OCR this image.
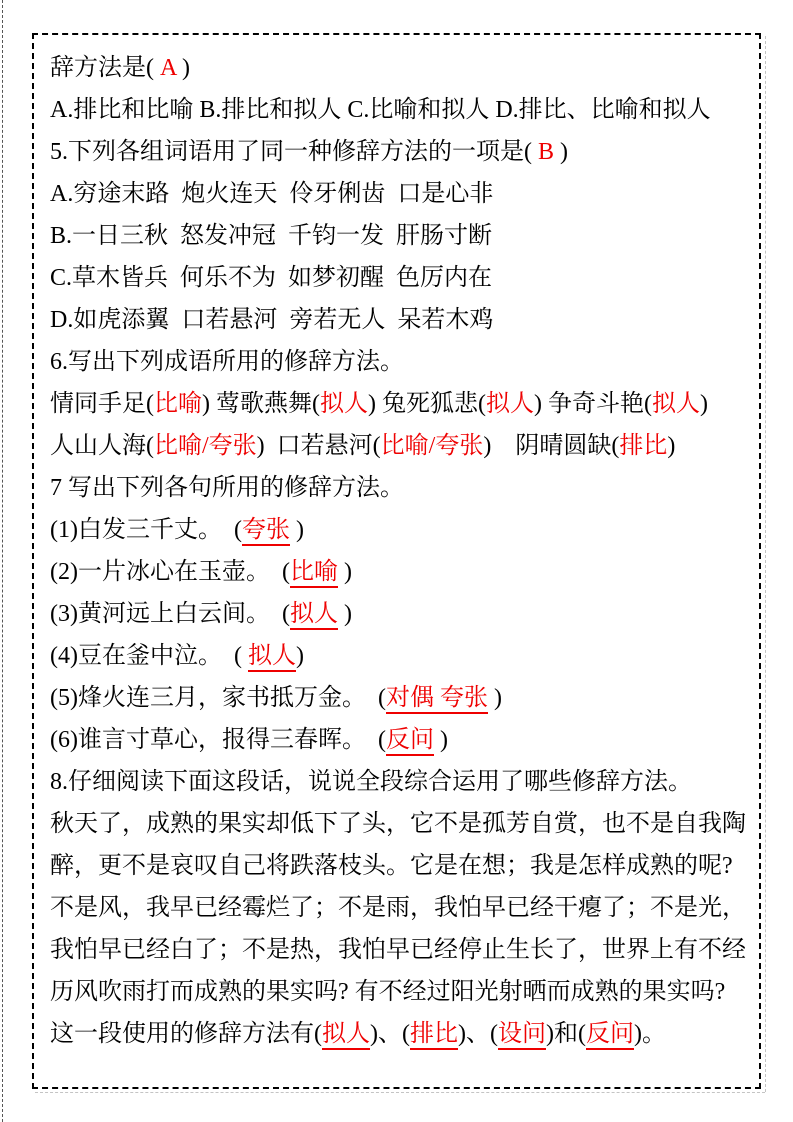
辞方法是( A )

A.排比和比喻 B.排比和拟人 C.比喻和拟人 D.排比、比喻和拟人

5.下列各组词语用了同一种修辞方法的一项是( B )

A.穷途末路  炮火连天  伶牙俐齿  口是心非

B.一日三秋  怒发冲冠  千钧一发  肝肠寸断

C.草木皆兵  何乐不为  如梦初醒  色厉内在

D.如虎添翼  口若悬河  旁若无人  呆若木鸡

6.写出下列成语所用的修辞方法。

情同手足(比喻) 莺歌燕舞(拟人) 兔死狐悲(拟人) 争奇斗艳(拟人)

人山人海(比喻/夸张)  口若悬河(比喻/夸张)    阴晴圆缺(排比)

7 写出下列各句所用的修辞方法。

(1)白发三千丈。  (夸张 )

(2)一片冰心在玉壶。  (比喻 )

(3)黄河远上白云间。  (拟人 )

(4)豆在釜中泣。  ( 拟人)

(5)烽火连三月，家书抵万金。  (对偶 夸张 )

(6)谁言寸草心，报得三春晖。  (反问 )

8.仔细阅读下面这段话，说说全段综合运用了哪些修辞方法。

秋天了，成熟的果实却低下了头，它不是孤芳自赏，也不是自我陶

醉，更不是哀叹自己将跌落枝头。它是在想；我是怎样成熟的呢?

不是风，我早已经霉烂了；不是雨，我怕早已经干瘪了；不是光，

我怕早已经白了；不是热，我怕早已经停止生长了，世界上有不经

历风吹雨打而成熟的果实吗? 有不经过阳光射晒而成熟的果实吗?

这一段使用的修辞方法有(拟人)、(排比)、(设问)和(反问)。
